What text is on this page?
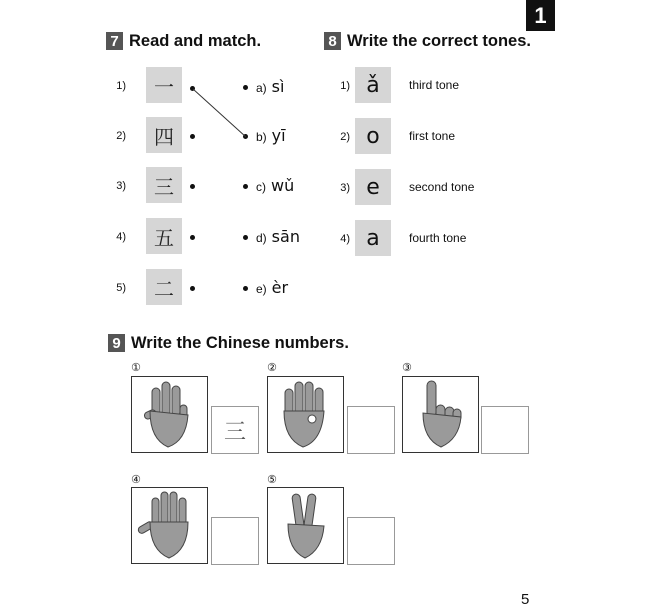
1
7 Read and match.
1)	一
2)	四
3)	三
4)	五
5)	二
a) sì
b) yī
c) wǔ
d) sān
e) èr
8 Write the correct tones.
1) ǎ	third tone
2) o	first tone
3) e	second tone
4) a	fourth tone
9 Write the Chinese numbers.
①
三
②	③
④	⑤
5
